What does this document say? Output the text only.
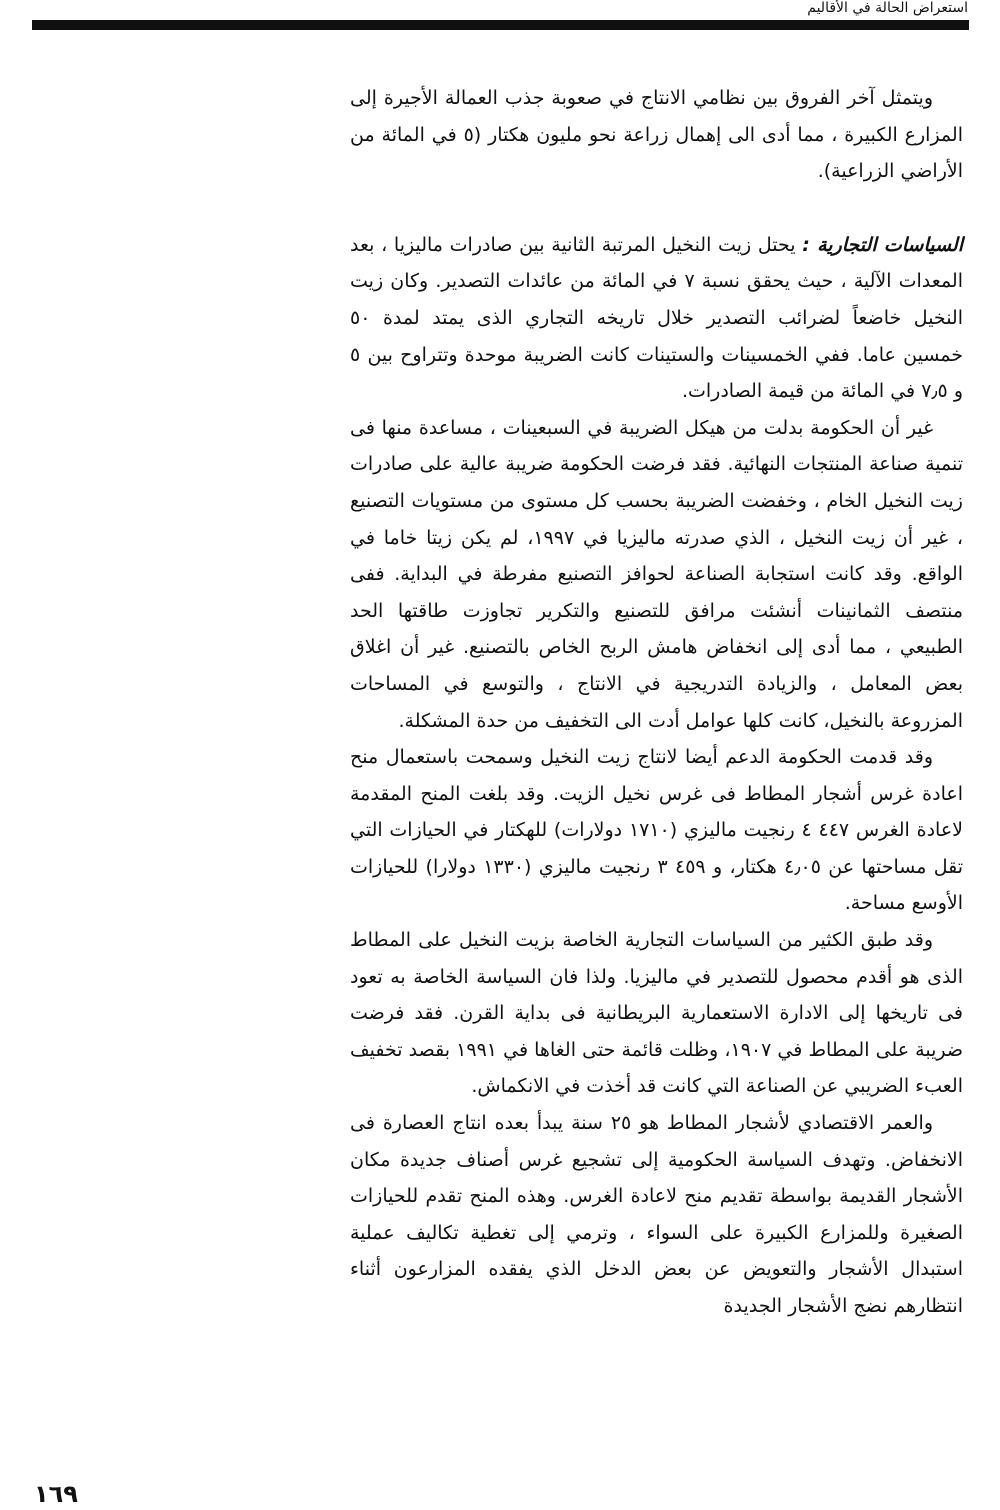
استعراض الحالة في الأقاليم

ويتمثل آخر الفروق بين نظامي الانتاج في صعوبة جذب العمالة الأجيرة إلى المزارع الكبيرة ، مما أدى الى إهمال زراعة نحو مليون هكتار (٥ في المائة من الأراضي الزراعية).

السياسات التجارية : يحتل زيت النخيل المرتبة الثانية بين صادرات ماليزيا ، بعد المعدات الآلية ، حيث يحقق نسبة ٧ في المائة من عائدات التصدير. وكان زيت النخيل خاضعاً لضرائب التصدير خلال تاريخه التجاري الذى يمتد لمدة ٥٠ خمسين عاما. ففي الخمسينات والستينات كانت الضريبة موحدة وتتراوح بين ٥ و ٧٫٥ في المائة من قيمة الصادرات.

غير أن الحكومة بدلت من هيكل الضريبة في السبعينات ، مساعدة منها فى تنمية صناعة المنتجات النهائية. فقد فرضت الحكومة ضريبة عالية على صادرات زيت النخيل الخام ، وخفضت الضريبة بحسب كل مستوى من مستويات التصنيع ، غير أن زيت النخيل ، الذي صدرته ماليزيا في ١٩٩٧، لم يكن زيتا خاما في الواقع. وقد كانت استجابة الصناعة لحوافز التصنيع مفرطة في البداية. ففى منتصف الثمانينات أنشئت مرافق للتصنيع والتكرير تجاوزت طاقتها الحد الطبيعي ، مما أدى إلى انخفاض هامش الربح الخاص بالتصنيع. غير أن اغلاق بعض المعامل ، والزيادة التدريجية في الانتاج ، والتوسع في المساحات المزروعة بالنخيل، كانت كلها عوامل أدت الى التخفيف من حدة المشكلة.

وقد قدمت الحكومة الدعم أيضا لانتاج زيت النخيل وسمحت باستعمال منح اعادة غرس أشجار المطاط فى غرس نخيل الزيت. وقد بلغت المنح المقدمة لاعادة الغرس ٤٤٧ ٤ رنجيت ماليزي (١٧١٠ دولارات) للهكتار في الحيازات التي تقل مساحتها عن ٤٫٠٥ هكتار، و ٤٥٩ ٣ رنجيت ماليزي (١٣٣٠ دولارا) للحيازات الأوسع مساحة.

وقد طبق الكثير من السياسات التجارية الخاصة بزيت النخيل على المطاط الذى هو أقدم محصول للتصدير في ماليزيا. ولذا فان السياسة الخاصة به تعود فى تاريخها إلى الادارة الاستعمارية البريطانية فى بداية القرن. فقد فرضت ضريبة على المطاط في ١٩٠٧، وظلت قائمة حتى الغاها في ١٩٩١ بقصد تخفيف العبء الضريبي عن الصناعة التي كانت قد أخذت في الانكماش.

والعمر الاقتصادي لأشجار المطاط هو ٢٥ سنة يبدأ بعده انتاج العصارة فى الانخفاض. وتهدف السياسة الحكومية إلى تشجيع غرس أصناف جديدة مكان الأشجار القديمة بواسطة تقديم منح لاعادة الغرس. وهذه المنح تقدم للحيازات الصغيرة وللمزارع الكبيرة على السواء ، وترمي إلى تغطية تكاليف عملية استبدال الأشجار والتعويض عن بعض الدخل الذي يفقده المزارعون أثناء انتظارهم نضج الأشجار الجديدة

١٦٩
